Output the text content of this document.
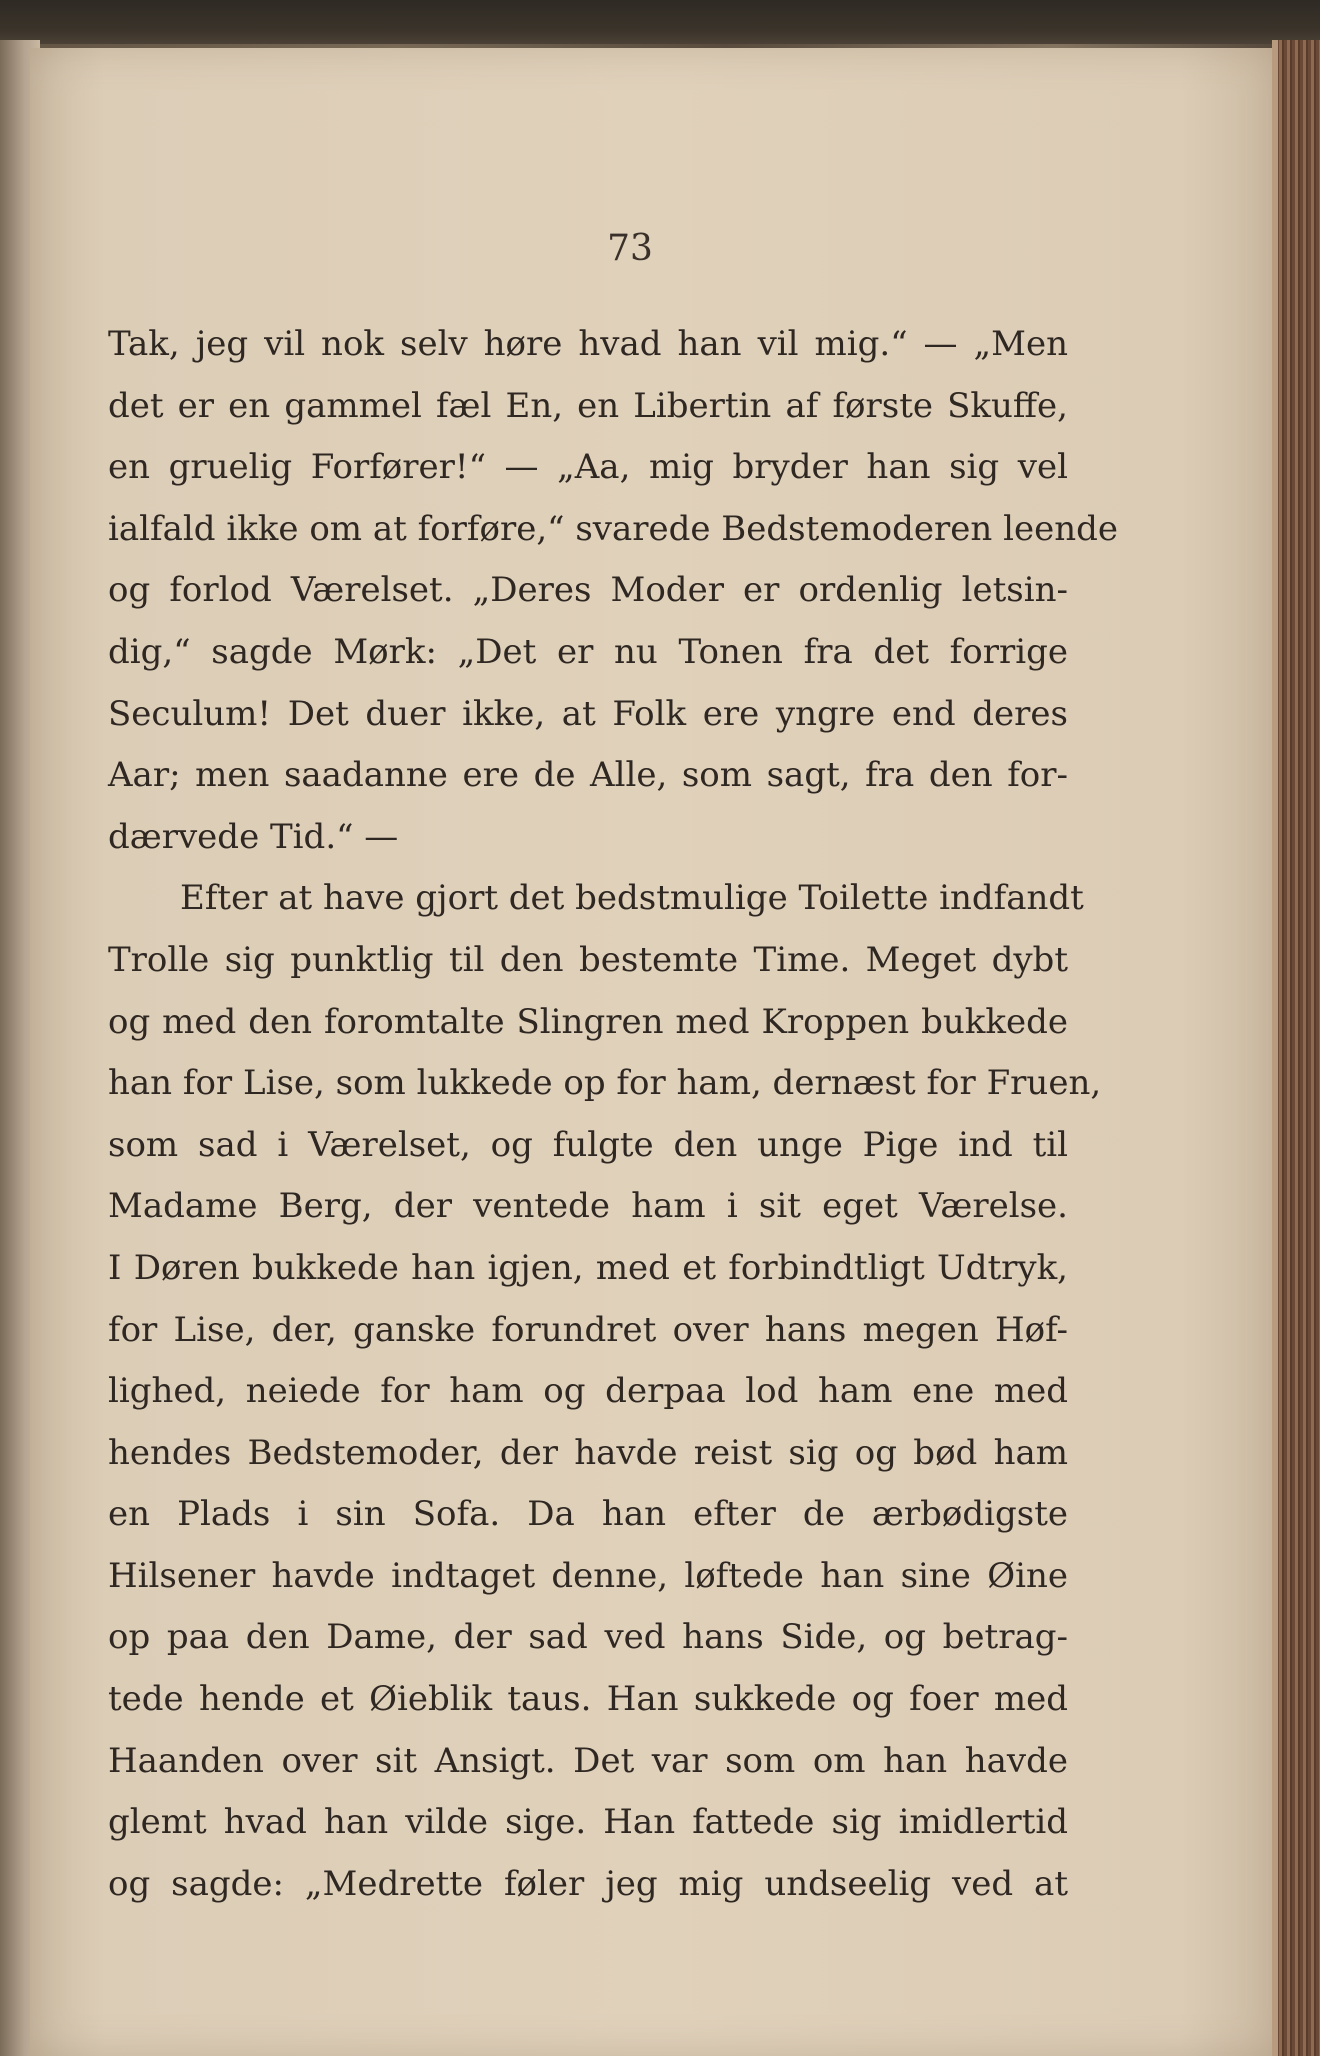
73
Tak, jeg vil nok selv høre hvad han vil mig.“ — „Men
det er en gammel fæl En, en Libertin af første Skuffe,
en gruelig Forfører!“ — „Aa, mig bryder han sig vel
ialfald ikke om at forføre,“ svarede Bedstemoderen leende
og forlod Værelset. „Deres Moder er ordenlig letsin-
dig,“ sagde Mørk: „Det er nu Tonen fra det forrige
Seculum! Det duer ikke, at Folk ere yngre end deres
Aar; men saadanne ere de Alle, som sagt, fra den for-
dærvede Tid.“ —
Efter at have gjort det bedstmulige Toilette indfandt
Trolle sig punktlig til den bestemte Time. Meget dybt
og med den foromtalte Slingren med Kroppen bukkede
han for Lise, som lukkede op for ham, dernæst for Fruen,
som sad i Værelset, og fulgte den unge Pige ind til
Madame Berg, der ventede ham i sit eget Værelse.
I Døren bukkede han igjen, med et forbindtligt Udtryk,
for Lise, der, ganske forundret over hans megen Høf-
lighed, neiede for ham og derpaa lod ham ene med
hendes Bedstemoder, der havde reist sig og bød ham
en Plads i sin Sofa. Da han efter de ærbødigste
Hilsener havde indtaget denne, løftede han sine Øine
op paa den Dame, der sad ved hans Side, og betrag-
tede hende et Øieblik taus. Han sukkede og foer med
Haanden over sit Ansigt. Det var som om han havde
glemt hvad han vilde sige. Han fattede sig imidlertid
og sagde: „Medrette føler jeg mig undseelig ved at
